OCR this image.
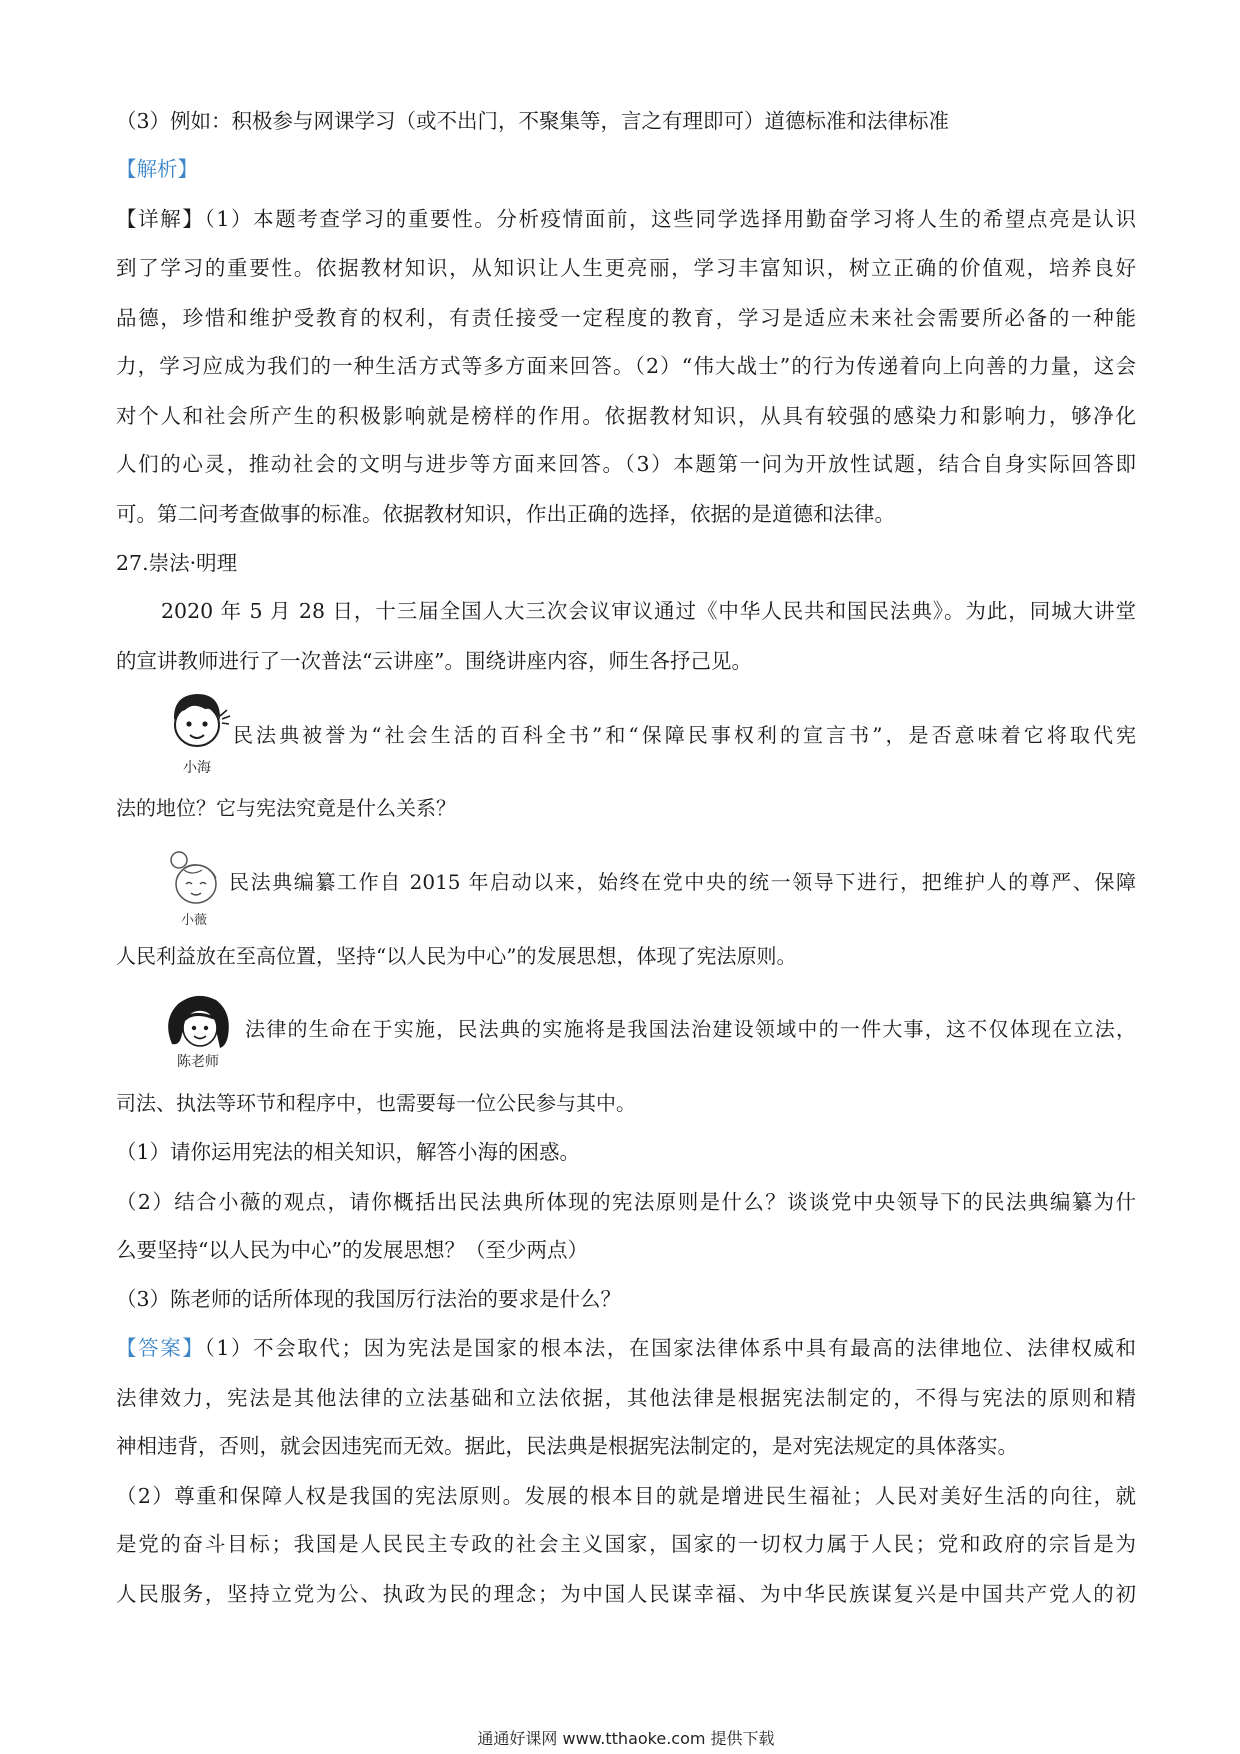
（3）例如：积极参与网课学习（或不出门，不聚集等，言之有理即可）道德标准和法律标准
【解析】
【详解】（1）本题考查学习的重要性。分析疫情面前，这些同学选择用勤奋学习将人生的希望点亮是认识
到了学习的重要性。依据教材知识，从知识让人生更亮丽，学习丰富知识，树立正确的价值观，培养良好
品德，珍惜和维护受教育的权利，有责任接受一定程度的教育，学习是适应未来社会需要所必备的一种能
力，学习应成为我们的一种生活方式等多方面来回答。（2）“伟大战士”的行为传递着向上向善的力量，这会
对个人和社会所产生的积极影响就是榜样的作用。依据教材知识，从具有较强的感染力和影响力，够净化
人们的心灵，推动社会的文明与进步等方面来回答。（3）本题第一问为开放性试题，结合自身实际回答即
可。第二问考查做事的标准。依据教材知识，作出正确的选择，依据的是道德和法律。
27.崇法·明理
2020 年 5 月 28 日，十三届全国人大三次会议审议通过《中华人民共和国民法典》。为此，同城大讲堂
的宣讲教师进行了一次普法“云讲座”。围绕讲座内容，师生各抒己见。
小海
民法典被誉为“社会生活的百科全书”和“保障民事权利的宣言书”，是否意味着它将取代宪
法的地位？它与宪法究竟是什么关系？
小薇
民法典编纂工作自 2015 年启动以来，始终在党中央的统一领导下进行，把维护人的尊严、保障
人民利益放在至高位置，坚持“以人民为中心”的发展思想，体现了宪法原则。
陈老师
法律的生命在于实施，民法典的实施将是我国法治建设领域中的一件大事，这不仅体现在立法，
司法、执法等环节和程序中，也需要每一位公民参与其中。
（1）请你运用宪法的相关知识，解答小海的困惑。
（2）结合小薇的观点，请你概括出民法典所体现的宪法原则是什么？谈谈党中央领导下的民法典编纂为什
么要坚持“以人民为中心”的发展思想？（至少两点）
（3）陈老师的话所体现的我国厉行法治的要求是什么？
【答案】（1）不会取代；因为宪法是国家的根本法，在国家法律体系中具有最高的法律地位、法律权威和
法律效力，宪法是其他法律的立法基础和立法依据，其他法律是根据宪法制定的，不得与宪法的原则和精
神相违背，否则，就会因违宪而无效。据此，民法典是根据宪法制定的，是对宪法规定的具体落实。
（2）尊重和保障人权是我国的宪法原则。发展的根本目的就是增进民生福祉；人民对美好生活的向往，就
是党的奋斗目标；我国是人民民主专政的社会主义国家，国家的一切权力属于人民；党和政府的宗旨是为
人民服务，坚持立党为公、执政为民的理念；为中国人民谋幸福、为中华民族谋复兴是中国共产党人的初
通通好课网 www.tthaoke.com 提供下载
